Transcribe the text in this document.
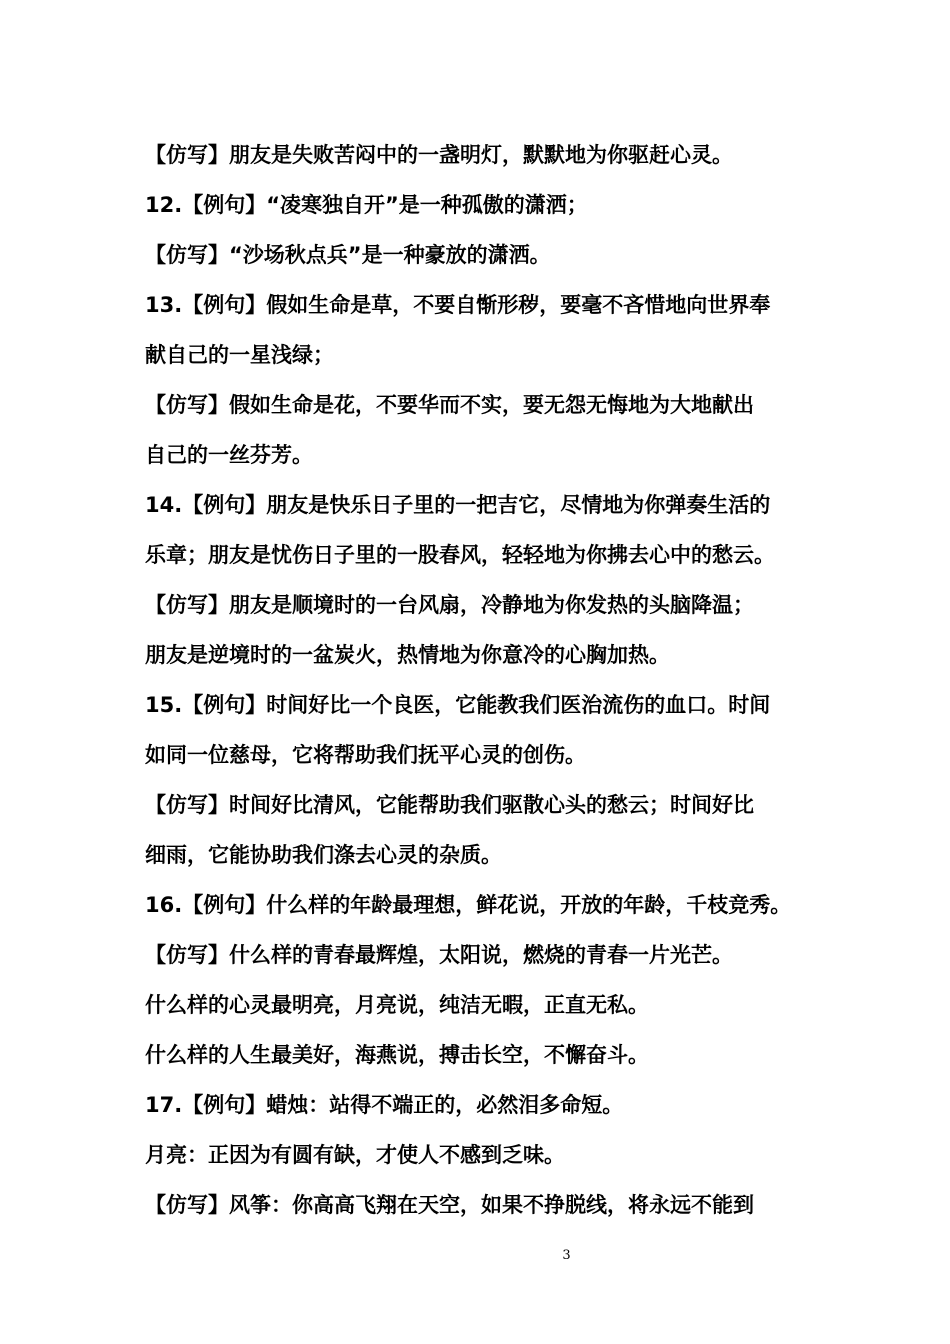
【仿写】朋友是失败苦闷中的一盏明灯，默默地为你驱赶心灵。
12.【例句】“凌寒独自开”是一种孤傲的潇洒；
【仿写】“沙场秋点兵”是一种豪放的潇洒。
13.【例句】假如生命是草，不要自惭形秽，要毫不吝惜地向世界奉
献自己的一星浅绿；
【仿写】假如生命是花，不要华而不实，要无怨无悔地为大地献出
自己的一丝芬芳。
14.【例句】朋友是快乐日子里的一把吉它，尽情地为你弹奏生活的
乐章；朋友是忧伤日子里的一股春风，轻轻地为你拂去心中的愁云。
【仿写】朋友是顺境时的一台风扇，冷静地为你发热的头脑降温；
朋友是逆境时的一盆炭火，热情地为你意冷的心胸加热。
15.【例句】时间好比一个良医，它能教我们医治流伤的血口。时间
如同一位慈母，它将帮助我们抚平心灵的创伤。
【仿写】时间好比清风，它能帮助我们驱散心头的愁云；时间好比
细雨，它能协助我们涤去心灵的杂质。
16.【例句】什么样的年龄最理想，鲜花说，开放的年龄，千枝竞秀。
【仿写】什么样的青春最辉煌，太阳说，燃烧的青春一片光芒。
什么样的心灵最明亮，月亮说，纯洁无暇，正直无私。
什么样的人生最美好，海燕说，搏击长空，不懈奋斗。
17.【例句】蜡烛：站得不端正的，必然泪多命短。
月亮：正因为有圆有缺，才使人不感到乏味。
【仿写】风筝：你高高飞翔在天空，如果不挣脱线，将永远不能到
3
